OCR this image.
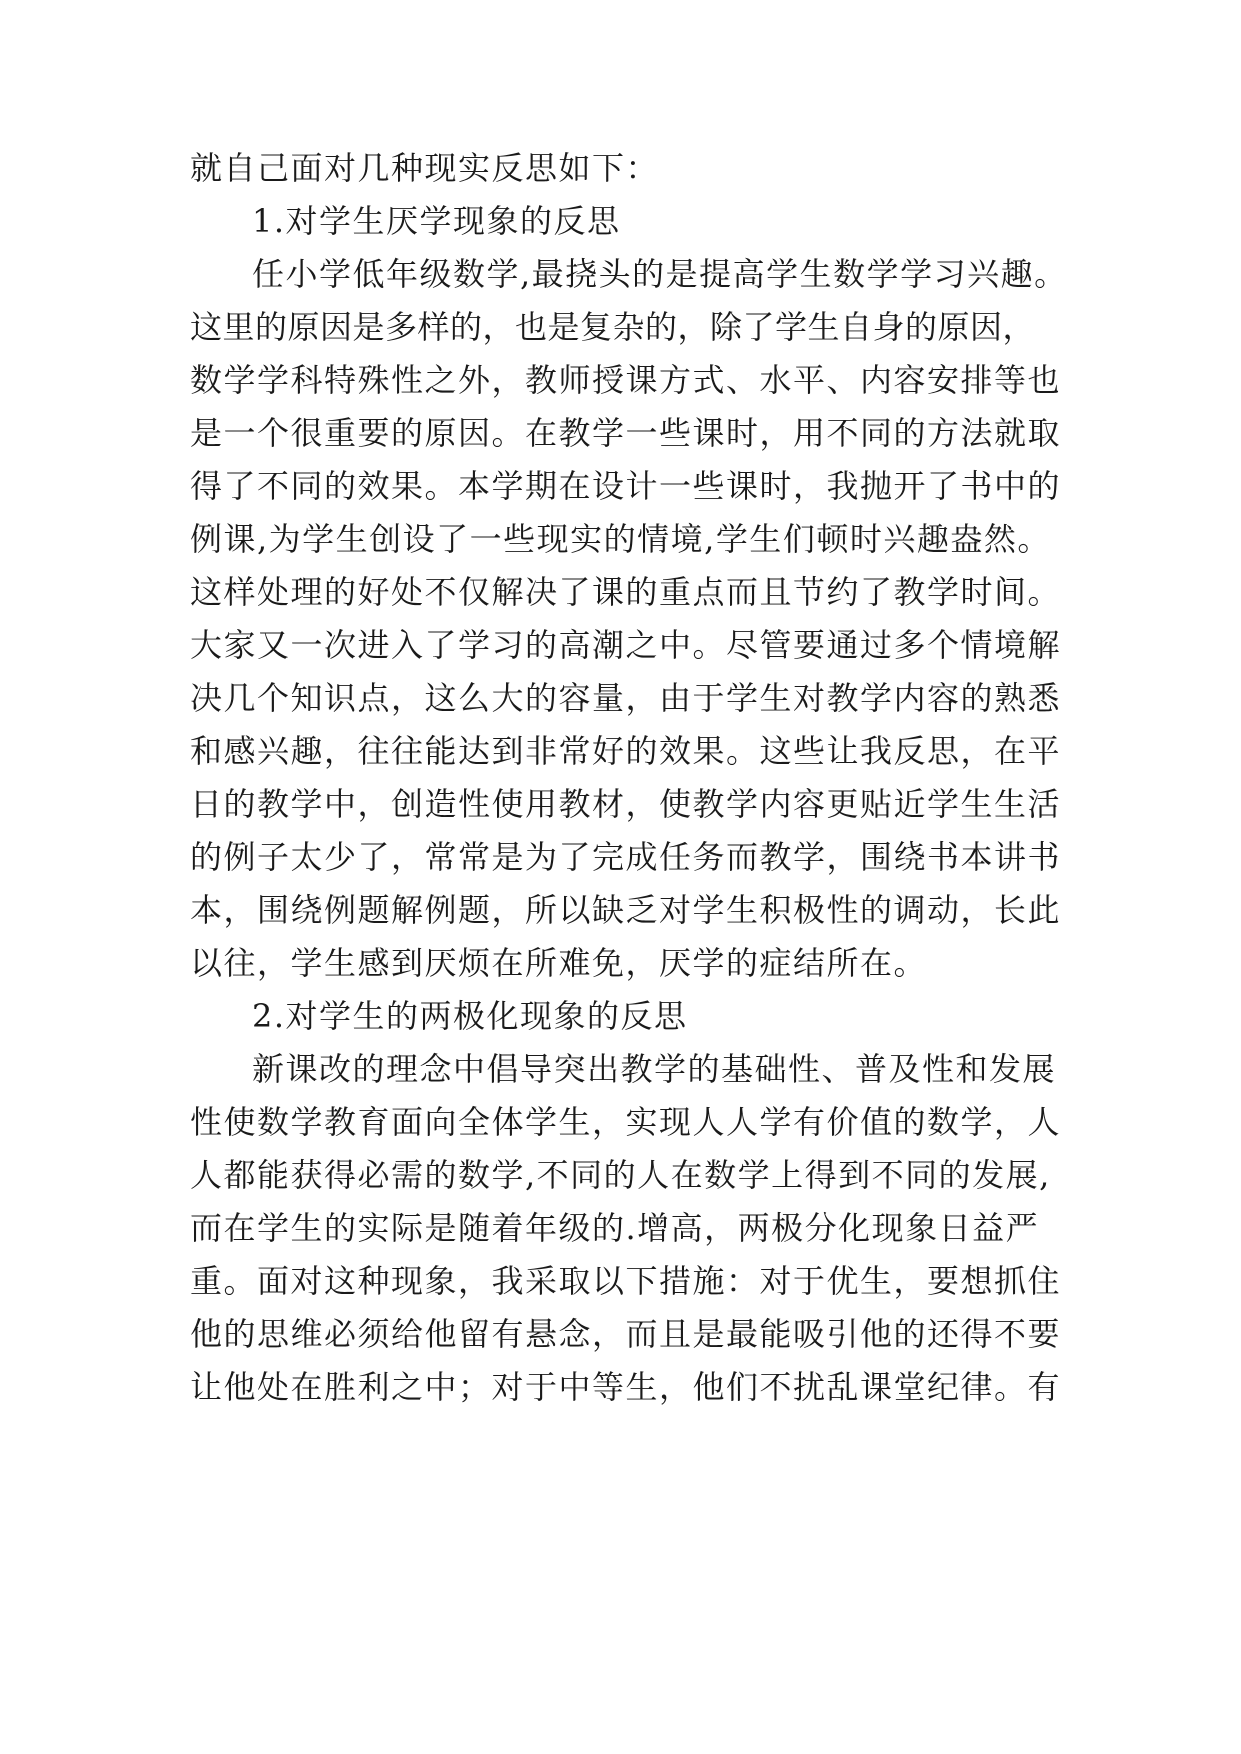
就自己面对几种现实反思如下：
1.对学生厌学现象的反思
任小学低年级数学,最挠头的是提高学生数学学习兴趣。
这里的原因是多样的，也是复杂的，除了学生自身的原因，
数学学科特殊性之外，教师授课方式、水平、内容安排等也
是一个很重要的原因。在教学一些课时，用不同的方法就取
得了不同的效果。本学期在设计一些课时，我抛开了书中的
例课,为学生创设了一些现实的情境,学生们顿时兴趣盎然。
这样处理的好处不仅解决了课的重点而且节约了教学时间。
大家又一次进入了学习的高潮之中。尽管要通过多个情境解
决几个知识点，这么大的容量，由于学生对教学内容的熟悉
和感兴趣，往往能达到非常好的效果。这些让我反思，在平
日的教学中，创造性使用教材，使教学内容更贴近学生生活
的例子太少了，常常是为了完成任务而教学，围绕书本讲书
本，围绕例题解例题，所以缺乏对学生积极性的调动，长此
以往，学生感到厌烦在所难免，厌学的症结所在。
2.对学生的两极化现象的反思
新课改的理念中倡导突出教学的基础性、普及性和发展
性使数学教育面向全体学生，实现人人学有价值的数学，人
人都能获得必需的数学,不同的人在数学上得到不同的发展,
而在学生的实际是随着年级的.增高，两极分化现象日益严
重。面对这种现象，我采取以下措施：对于优生，要想抓住
他的思维必须给他留有悬念，而且是最能吸引他的还得不要
让他处在胜利之中；对于中等生，他们不扰乱课堂纪律。有
